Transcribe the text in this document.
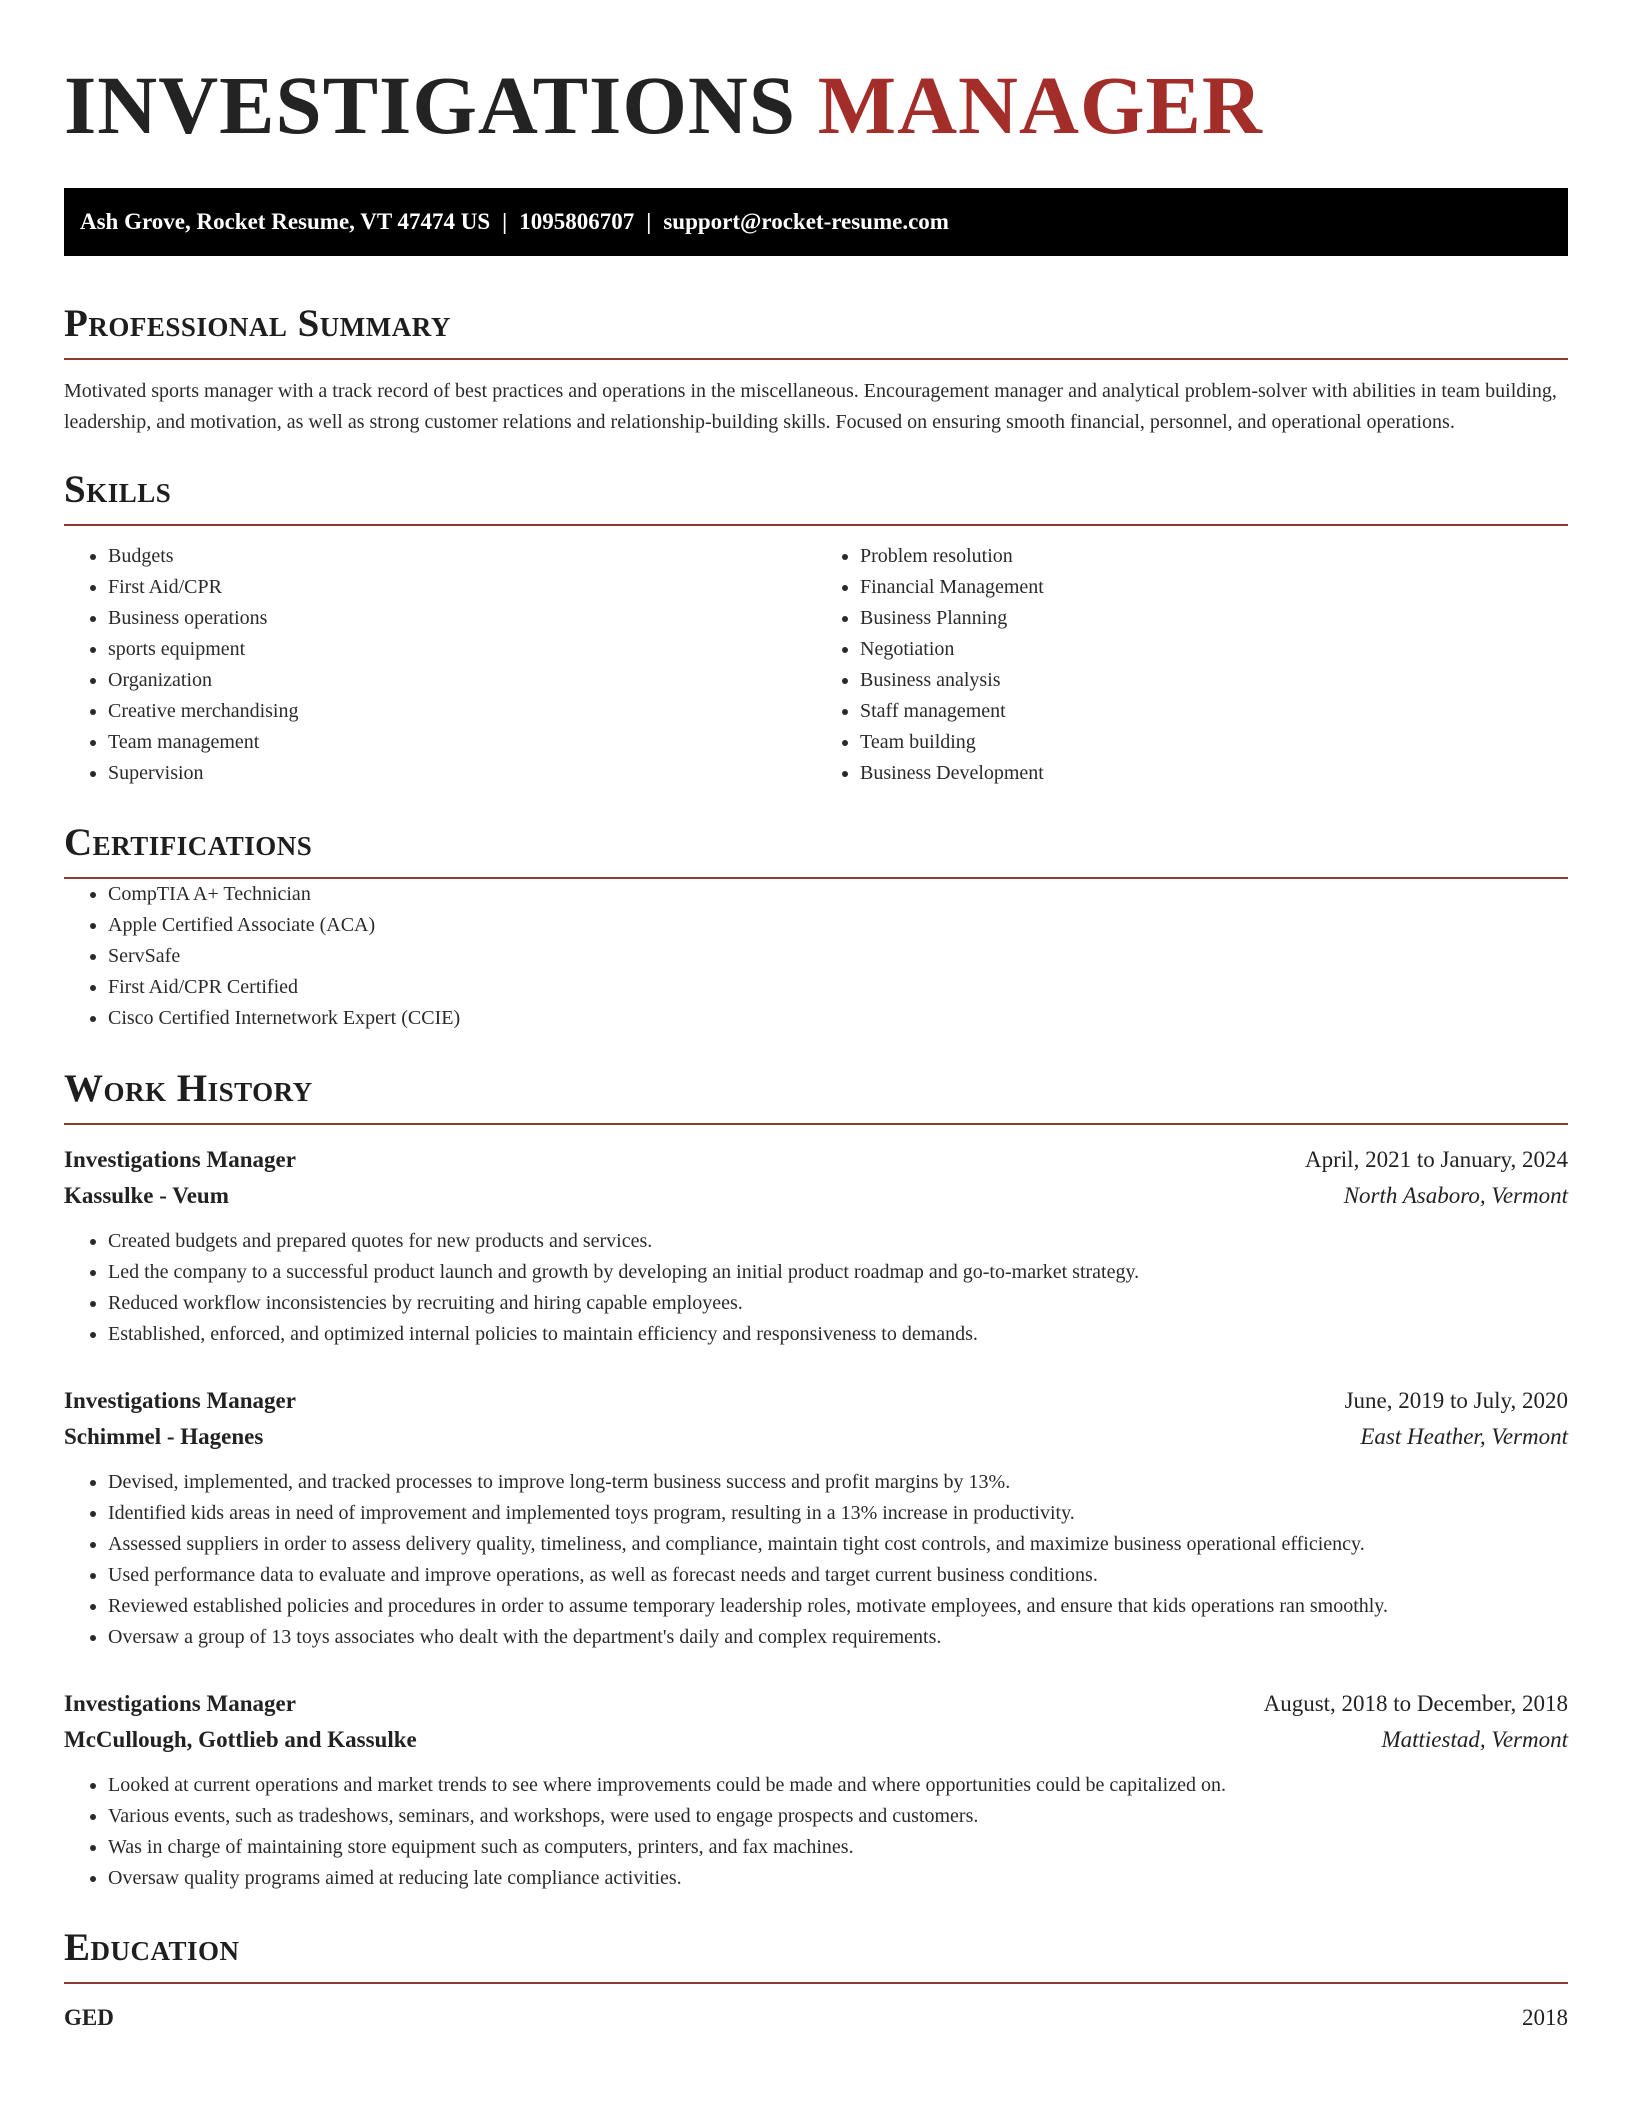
INVESTIGATIONS MANAGER
Ash Grove, Rocket Resume, VT 47474 US | 1095806707 | support@rocket-resume.com
Professional Summary
Motivated sports manager with a track record of best practices and operations in the miscellaneous. Encouragement manager and analytical problem-solver with abilities in team building, leadership, and motivation, as well as strong customer relations and relationship-building skills. Focused on ensuring smooth financial, personnel, and operational operations.
Skills
• Budgets
• First Aid/CPR
• Business operations
• sports equipment
• Organization
• Creative merchandising
• Team management
• Supervision
• Problem resolution
• Financial Management
• Business Planning
• Negotiation
• Business analysis
• Staff management
• Team building
• Business Development
Certifications
• CompTIA A+ Technician
• Apple Certified Associate (ACA)
• ServSafe
• First Aid/CPR Certified
• Cisco Certified Internetwork Expert (CCIE)
Work History
Investigations Manager	April, 2021 to January, 2024
Kassulke - Veum	North Asaboro, Vermont
• Created budgets and prepared quotes for new products and services.
• Led the company to a successful product launch and growth by developing an initial product roadmap and go-to-market strategy.
• Reduced workflow inconsistencies by recruiting and hiring capable employees.
• Established, enforced, and optimized internal policies to maintain efficiency and responsiveness to demands.
Investigations Manager	June, 2019 to July, 2020
Schimmel - Hagenes	East Heather, Vermont
• Devised, implemented, and tracked processes to improve long-term business success and profit margins by 13%.
• Identified kids areas in need of improvement and implemented toys program, resulting in a 13% increase in productivity.
• Assessed suppliers in order to assess delivery quality, timeliness, and compliance, maintain tight cost controls, and maximize business operational efficiency.
• Used performance data to evaluate and improve operations, as well as forecast needs and target current business conditions.
• Reviewed established policies and procedures in order to assume temporary leadership roles, motivate employees, and ensure that kids operations ran smoothly.
• Oversaw a group of 13 toys associates who dealt with the department's daily and complex requirements.
Investigations Manager	August, 2018 to December, 2018
McCullough, Gottlieb and Kassulke	Mattiestad, Vermont
• Looked at current operations and market trends to see where improvements could be made and where opportunities could be capitalized on.
• Various events, such as tradeshows, seminars, and workshops, were used to engage prospects and customers.
• Was in charge of maintaining store equipment such as computers, printers, and fax machines.
• Oversaw quality programs aimed at reducing late compliance activities.
Education
GED	2018
